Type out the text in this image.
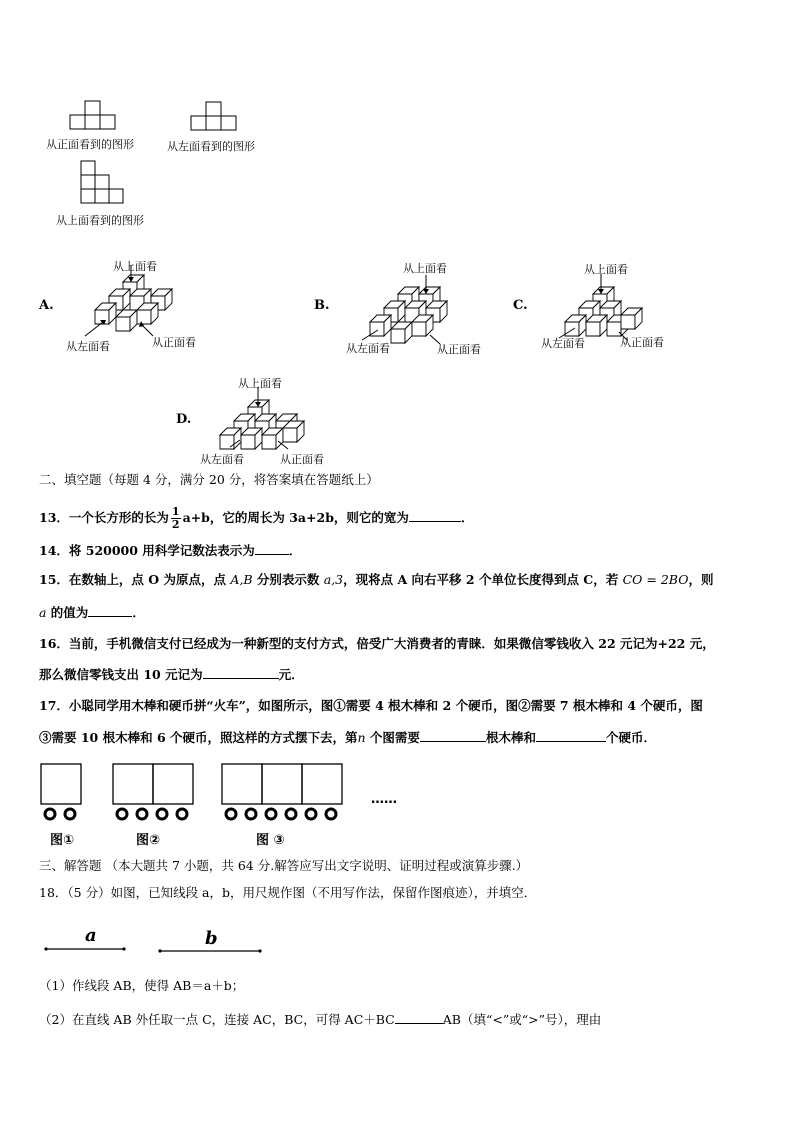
从正面看到的图形	从左面看到的图形
从上面看到的图形
A.
从上面看
从左面看	从正面看
B.
从上面看
从左面看	从正面看
C.
从上面看
从左面看	从正面看
D.
从上面看
从左面看	从正面看
二、填空题（每题 4 分，满分 20 分，将答案填在答题纸上）
13．一个长方形的长为 $\frac{1}{2} a+b$，它的周长为 3a+2b，则它的宽为	．
14．将 520000 用科学记数法表示为	．
15．在数轴上，点 O 为原点，点 A,B 分别表示数 a,3，现将点 A 向右平移 2 个单位长度得到点 C，若 CO = 2BO，则
a 的值为	．
16．当前，手机微信支付已经成为一种新型的支付方式，倍受广大消费者的青睐．如果微信零钱收入 22 元记为+22 元，
那么微信零钱支出 10 元记为	元．
17．小聪同学用木棒和硬币拼“火车”，如图所示，图①需要 4 根木棒和 2 个硬币，图②需要 7 根木棒和 4 个硬币，图
③需要 10 根木棒和 6 个硬币，照这样的方式摆下去，第n 个图需要	根木棒和	个硬币．
……
图①	图②	图 ③
三、解答题 （本大题共 7 小题，共 64 分.解答应写出文字说明、证明过程或演算步骤.）
18．（5 分）如图，已知线段 a，b，用尺规作图（不用写作法，保留作图痕迹），并填空．
a	b
（1）作线段 AB，使得 AB＝a＋b；
（2）在直线 AB 外任取一点 C，连接 AC，BC，可得 AC＋BC	AB（填“<”或“>”号），理由
